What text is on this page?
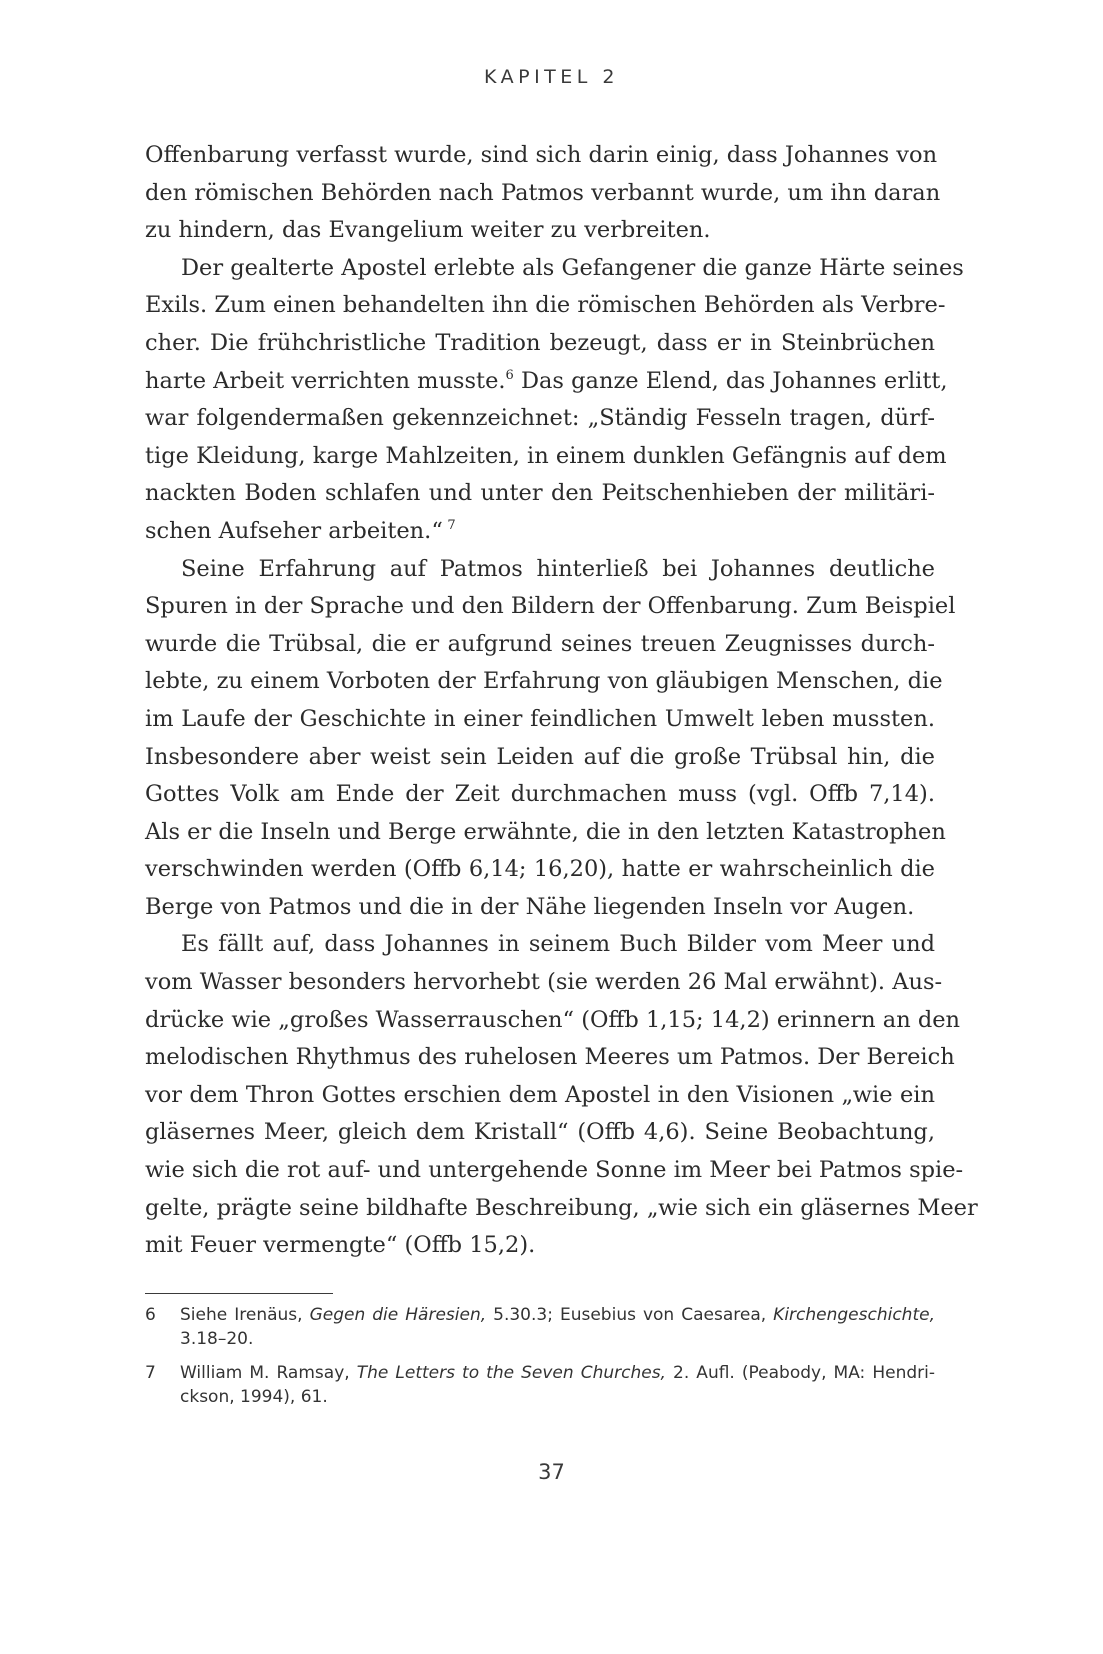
KAPITEL 2

Offenbarung verfasst wurde, sind sich darin einig, dass Johannes von
den römischen Behörden nach Patmos verbannt wurde, um ihn daran
zu hindern, das Evangelium weiter zu verbreiten.

Der gealterte Apostel erlebte als Gefangener die ganze Härte seines
Exils. Zum einen behandelten ihn die römischen Behörden als Verbre-
cher. Die frühchristliche Tradition bezeugt, dass er in Steinbrüchen
harte Arbeit verrichten musste.$^6$ Das ganze Elend, das Johannes erlitt,
war folgendermaßen gekennzeichnet: „Ständig Fesseln tragen, dürf-
tige Kleidung, karge Mahlzeiten, in einem dunklen Gefängnis auf dem
nackten Boden schlafen und unter den Peitschenhieben der militäri-
schen Aufseher arbeiten.“  $^7$

Seine Erfahrung auf Patmos hinterließ bei Johannes deutliche
Spuren in der Sprache und den Bildern der Offenbarung. Zum Beispiel
wurde die Trübsal, die er aufgrund seines treuen Zeugnisses durch-
lebte, zu einem Vorboten der Erfahrung von gläubigen Menschen, die
im Laufe der Geschichte in einer feindlichen Umwelt leben mussten.
Insbesondere aber weist sein Leiden auf die große Trübsal hin, die
Gottes Volk am Ende der Zeit durchmachen muss (vgl. Offb 7,14).
Als er die Inseln und Berge erwähnte, die in den letzten Katastrophen
verschwinden werden (Offb 6,14; 16,20), hatte er wahrscheinlich die
Berge von Patmos und die in der Nähe liegenden Inseln vor Augen.

Es fällt auf, dass Johannes in seinem Buch Bilder vom Meer und
vom Wasser besonders hervorhebt (sie werden 26 Mal erwähnt). Aus-
drücke wie „großes Wasserrauschen“ (Offb 1,15; 14,2) erinnern an den
melodischen Rhythmus des ruhelosen Meeres um Patmos. Der Bereich
vor dem Thron Gottes erschien dem Apostel in den Visionen „wie ein
gläsernes Meer, gleich dem Kristall“ (Offb 4,6). Seine Beobachtung,
wie sich die rot auf- und untergehende Sonne im Meer bei Patmos spie-
gelte, prägte seine bildhafte Beschreibung, „wie sich ein gläsernes Meer
mit Feuer vermengte“ (Offb 15,2).

6 Siehe Irenäus, Gegen die Häresien, 5.30.3; Eusebius von Caesarea, Kirchengeschichte,
3.18–20.
7 William M. Ramsay, The Letters to the Seven Churches, 2. Aufl. (Peabody, MA: Hendri-
ckson, 1994), 61.
37
